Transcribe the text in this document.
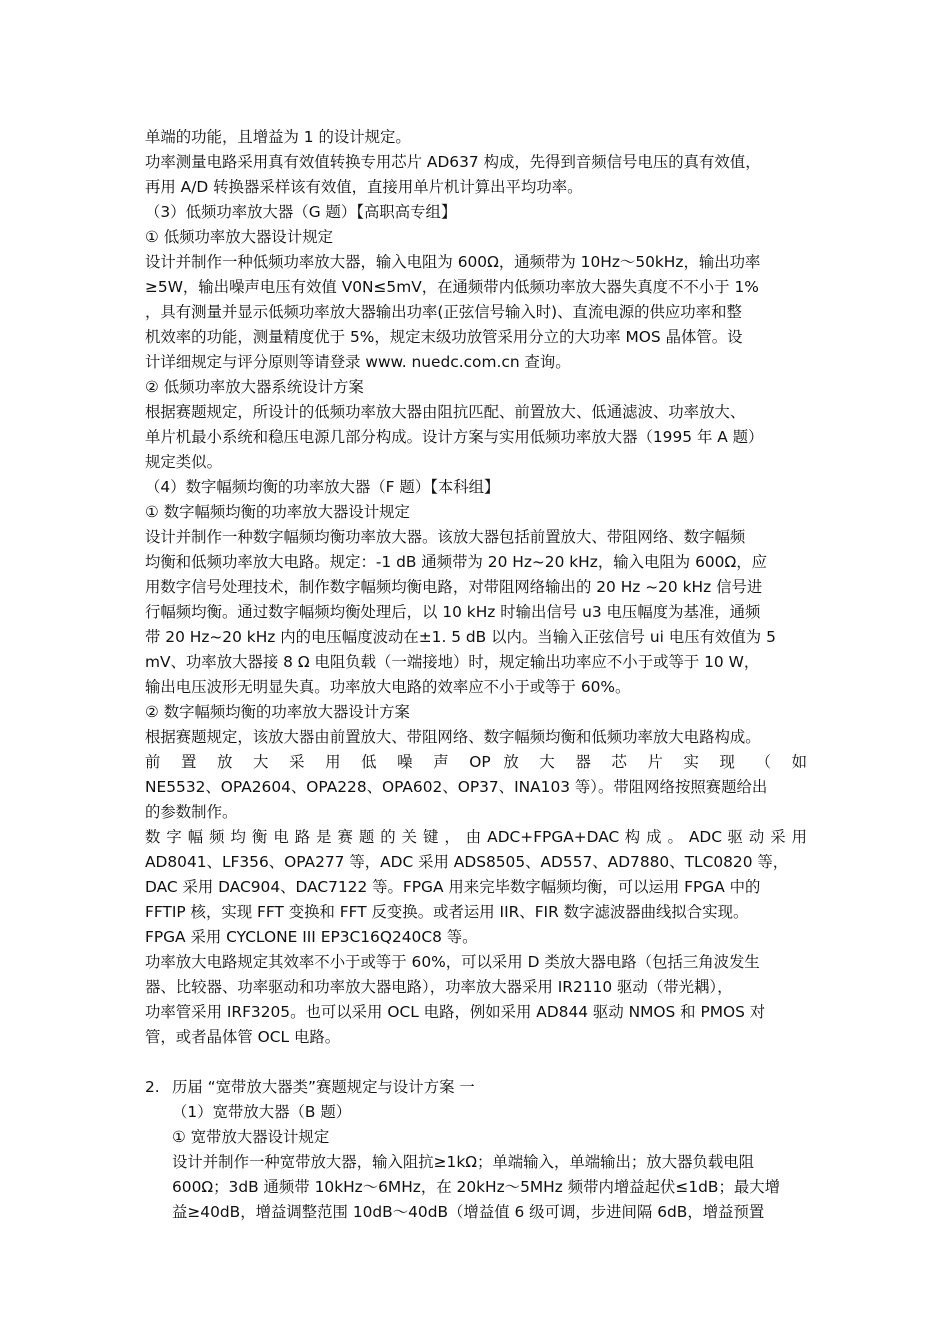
单端的功能，且增益为 1 的设计规定。
功率测量电路采用真有效值转换专用芯片 AD637 构成，先得到音频信号电压的真有效值，
再用 A/D 转换器采样该有效值，直接用单片机计算出平均功率。
（3）低频功率放大器（G 题）【高职高专组】
① 低频功率放大器设计规定
设计并制作一种低频功率放大器，输入电阻为 600Ω，通频带为 10Hz～50kHz，输出功率
≥5W，输出噪声电压有效值 V0N≤5mV，在通频带内低频功率放大器失真度不不小于 1%
，具有测量并显示低频功率放大器输出功率(正弦信号输入时)、直流电源的供应功率和整
机效率的功能，测量精度优于 5%，规定末级功放管采用分立的大功率 MOS 晶体管。设
计详细规定与评分原则等请登录 www. nuedc.com.cn 查询。
② 低频功率放大器系统设计方案
根据赛题规定，所设计的低频功率放大器由阻抗匹配、前置放大、低通滤波、功率放大、
单片机最小系统和稳压电源几部分构成。设计方案与实用低频功率放大器（1995 年 A 题）
规定类似。
（4）数字幅频均衡的功率放大器（F 题）【本科组】
① 数字幅频均衡的功率放大器设计规定
设计并制作一种数字幅频均衡功率放大器。该放大器包括前置放大、带阻网络、数字幅频
均衡和低频功率放大电路。规定：-1 dB 通频带为 20 Hz~20 kHz，输入电阻为 600Ω，应
用数字信号处理技术，制作数字幅频均衡电路，对带阻网络输出的 20 Hz ~20 kHz 信号进
行幅频均衡。通过数字幅频均衡处理后，以 10 kHz 时输出信号 u3 电压幅度为基准，通频
带 20 Hz~20 kHz 内的电压幅度波动在±1. 5 dB 以内。当输入正弦信号 ui 电压有效值为 5
mV、功率放大器接 8 Ω 电阻负载（一端接地）时，规定输出功率应不小于或等于 10 W，
输出电压波形无明显失真。功率放大电路的效率应不小于或等于 60%。
② 数字幅频均衡的功率放大器设计方案
根据赛题规定，该放大器由前置放大、带阻网络、数字幅频均衡和低频功率放大电路构成。
前 置 放 大 采 用 低 噪 声 OP 放 大 器 芯 片 实 现 （ 如
NE5532、OPA2604、OPA228、OPA602、OP37、INA103 等）。带阻网络按照赛题给出
的参数制作。
数 字 幅 频 均 衡 电 路 是 赛 题 的 关 键 ， 由 ADC+FPGA+DAC 构 成 。 ADC 驱 动 采 用
AD8041、LF356、OPA277 等，ADC 采用 ADS8505、AD557、AD7880、TLC0820 等，
DAC 采用 DAC904、DAC7122 等。FPGA 用来完毕数字幅频均衡，可以运用 FPGA 中的
FFTIP 核，实现 FFT 变换和 FFT 反变换。或者运用 IIR、FIR 数字滤波器曲线拟合实现。
FPGA 采用 CYCLONE III EP3C16Q240C8 等。
功率放大电路规定其效率不小于或等于 60%，可以采用 D 类放大器电路（包括三角波发生
器、比较器、功率驱动和功率放大器电路），功率放大器采用 IR2110 驱动（带光耦），
功率管采用 IRF3205。也可以采用 OCL 电路，例如采用 AD844 驱动 NMOS 和 PMOS 对
管，或者晶体管 OCL 电路。
2. 历届 “宽带放大器类”赛题规定与设计方案 一
（1）宽带放大器（B 题）
① 宽带放大器设计规定
设计并制作一种宽带放大器，输入阻抗≥1kΩ；单端输入，单端输出；放大器负载电阻
600Ω；3dB 通频带 10kHz～6MHz，在 20kHz～5MHz 频带内增益起伏≤1dB；最大增
益≥40dB，增益调整范围 10dB～40dB（增益值 6 级可调，步进间隔 6dB，增益预置
